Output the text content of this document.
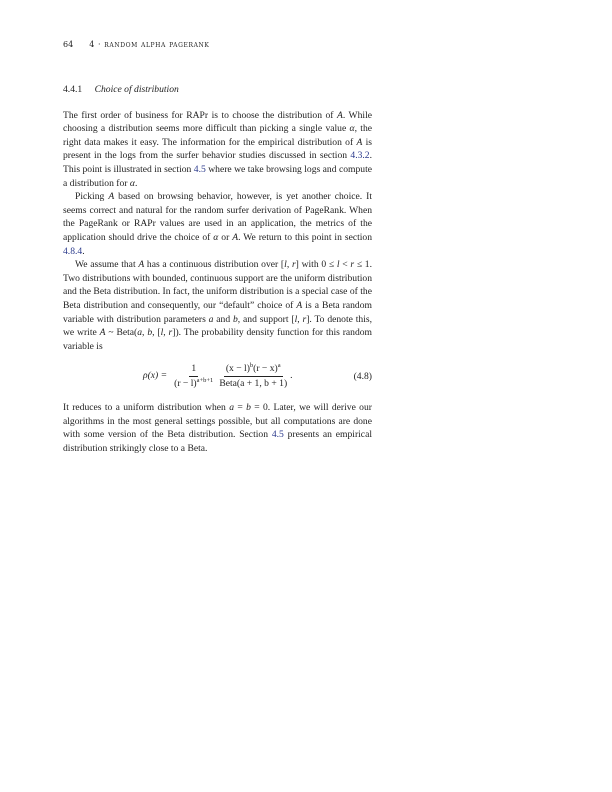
64 4 · random alpha pagerank
4.4.1 Choice of distribution

The first order of business for RAPr is to choose the distribution of A. While choosing a distribution seems more difficult than picking a single value α, the right data makes it easy. The information for the empirical distribution of A is present in the logs from the surfer behavior studies discussed in section 4.3.2. This point is illustrated in section 4.5 where we take browsing logs and compute a distribution for α.

Picking A based on browsing behavior, however, is yet another choice. It seems correct and natural for the random surfer derivation of PageRank. When the PageRank or RAPr values are used in an application, the metrics of the application should drive the choice of α or A. We return to this point in section 4.8.4.

We assume that A has a continuous distribution over [l, r] with 0 ≤ l < r ≤ 1. Two distributions with bounded, continuous support are the uniform distribution and the Beta distribution. In fact, the uniform distribution is a special case of the Beta distribution and consequently, our “default” choice of A is a Beta random variable with distribution parameters a and b, and support [l, r]. To denote this, we write A ~ Beta(a, b, [l, r]). The probability density function for this random variable is

$\rho(x) = \frac{1}{(r - l)^{a+b+1}} \frac{(x - l)^b(r - x)^a}{\text{Beta(a + 1, b + 1)}}$ .	(4.8)

It reduces to a uniform distribution when a = b = 0. Later, we will derive our algorithms in the most general settings possible, but all computations are done with some version of the Beta distribution. Section 4.5 presents an empirical distribution strikingly close to a Beta.
